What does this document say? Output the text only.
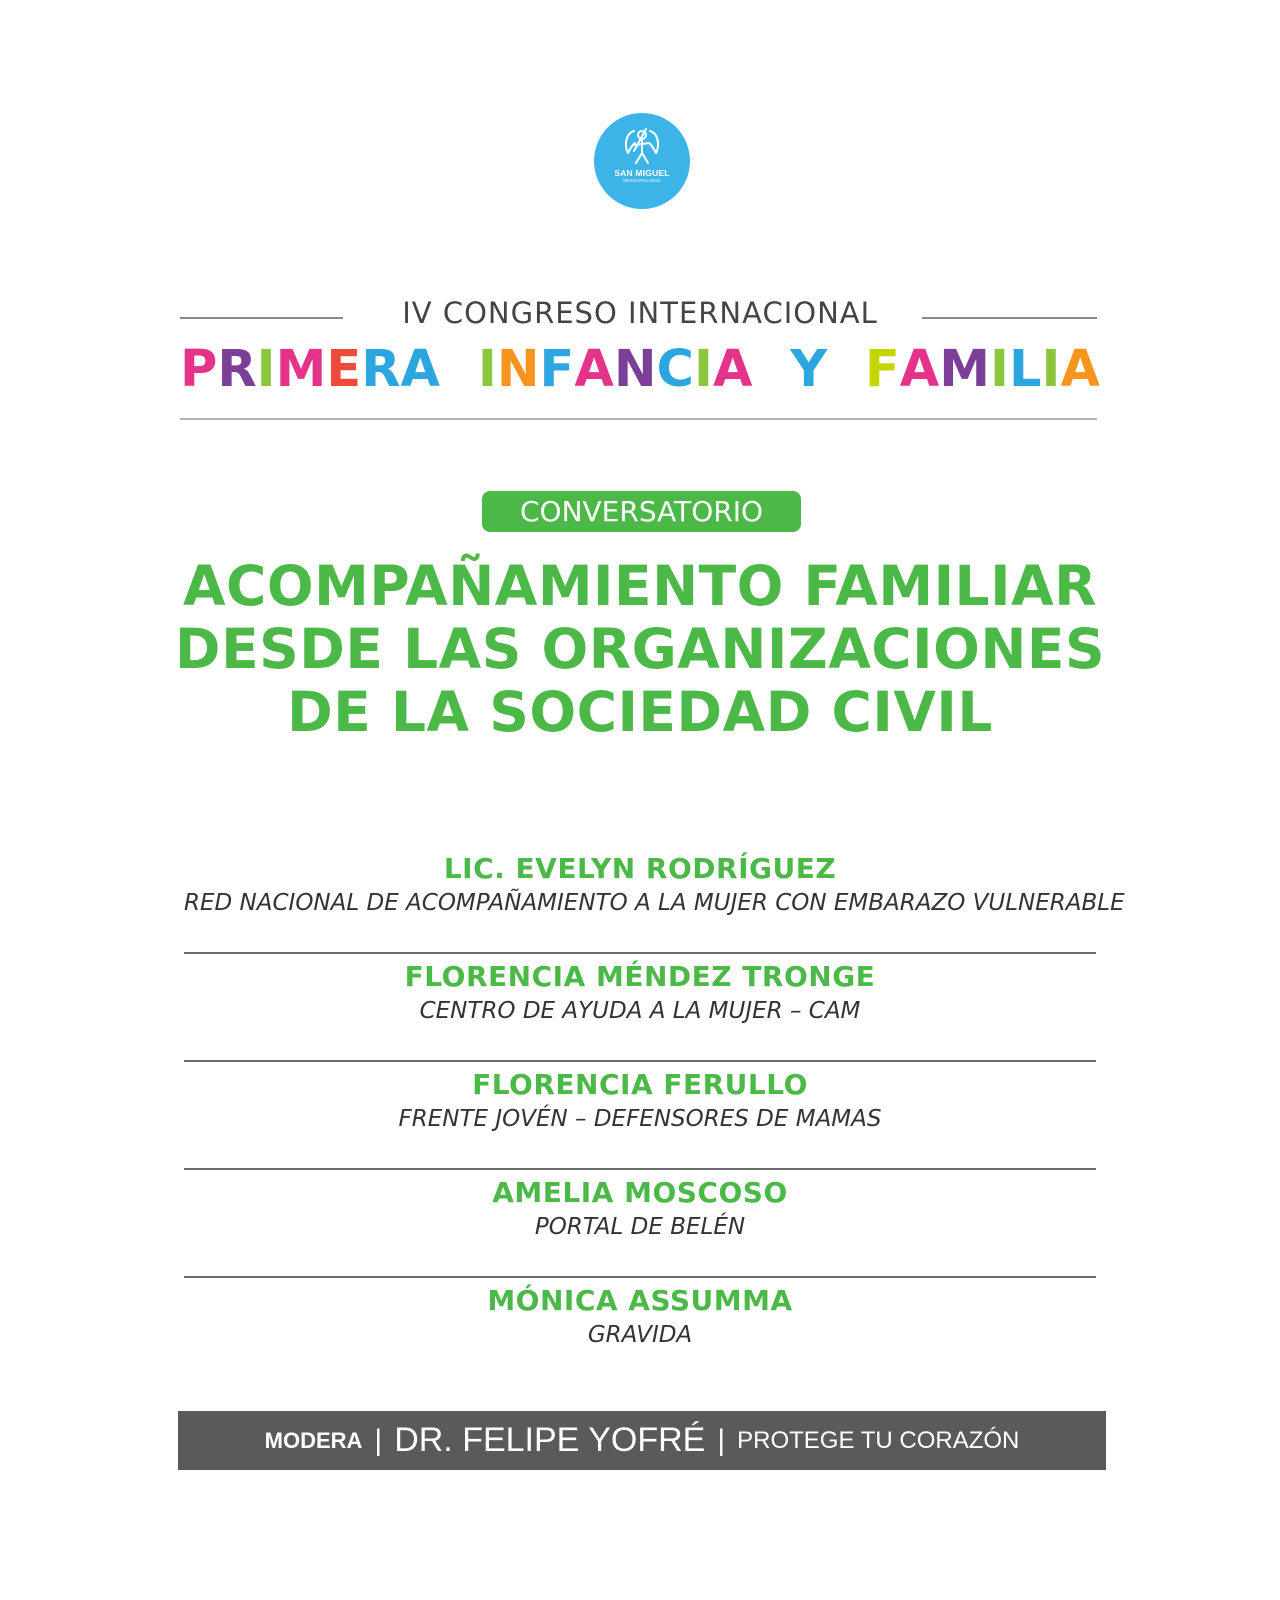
SAN MIGUEL
MUNICIPALIDAD
IV CONGRESO INTERNACIONAL
P R I M E R A I N F A N C I A Y F A M I L I A
CONVERSATORIO
ACOMPAÑAMIENTO FAMILIAR
DESDE LAS ORGANIZACIONES
DE LA SOCIEDAD CIVIL
LIC. EVELYN RODRÍGUEZ
RED NACIONAL DE ACOMPAÑAMIENTO A LA MUJER CON EMBARAZO VULNERABLE
FLORENCIA MÉNDEZ TRONGE
CENTRO DE AYUDA A LA MUJER – CAM
FLORENCIA FERULLO
FRENTE JOVÉN – DEFENSORES DE MAMAS
AMELIA MOSCOSO
PORTAL DE BELÉN
MÓNICA ASSUMMA
GRAVIDA
MODERA | DR. FELIPE YOFRÉ | PROTEGE TU CORAZÓN
